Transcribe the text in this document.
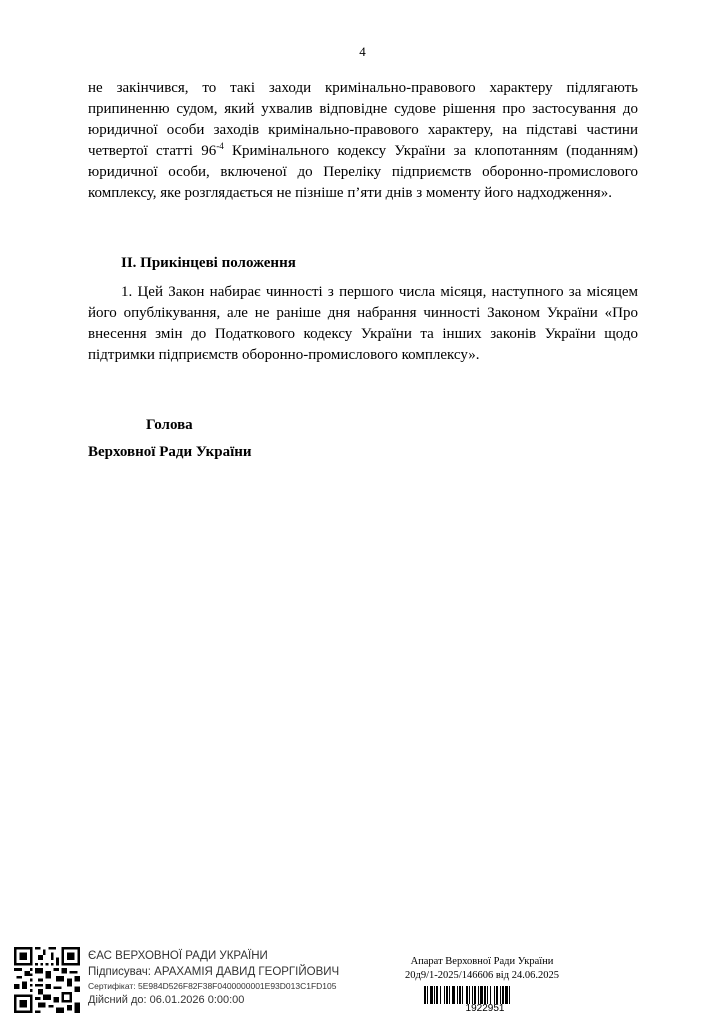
4

не закінчився, то такі заходи кримінально-правового характеру підлягають припиненню судом, який ухвалив відповідне судове рішення про застосування до юридичної особи заходів кримінально-правового характеру, на підставі частини четвертої статті $96^{-4}$ Кримінального кодексу України за клопотанням (поданням) юридичної особи, включеної до Переліку підприємств оборонно-промислового комплексу, яке розглядається не пізніше п’яти днів з моменту його надходження».

ІІ. Прикінцеві положення

1. Цей Закон набирає чинності з першого числа місяця, наступного за місяцем його опублікування, але не раніше дня набрання чинності Законом України «Про внесення змін до Податкового кодексу України та інших законів України щодо підтримки підприємств оборонно-промислового комплексу».

Голова
Верховної Ради України
ЄАС ВЕРХОВНОЇ РАДИ УКРАЇНИ
Підписувач: АРАХАМІЯ ДАВИД ГЕОРГІЙОВИЧ
Сертифікат: 5E984D526F82F38F0400000001E93D013C1FD105
Дійсний до: 06.01.2026 0:00:00
Апарат Верховної Ради України
20д9/1-2025/146606 від 24.06.2025
1922951
